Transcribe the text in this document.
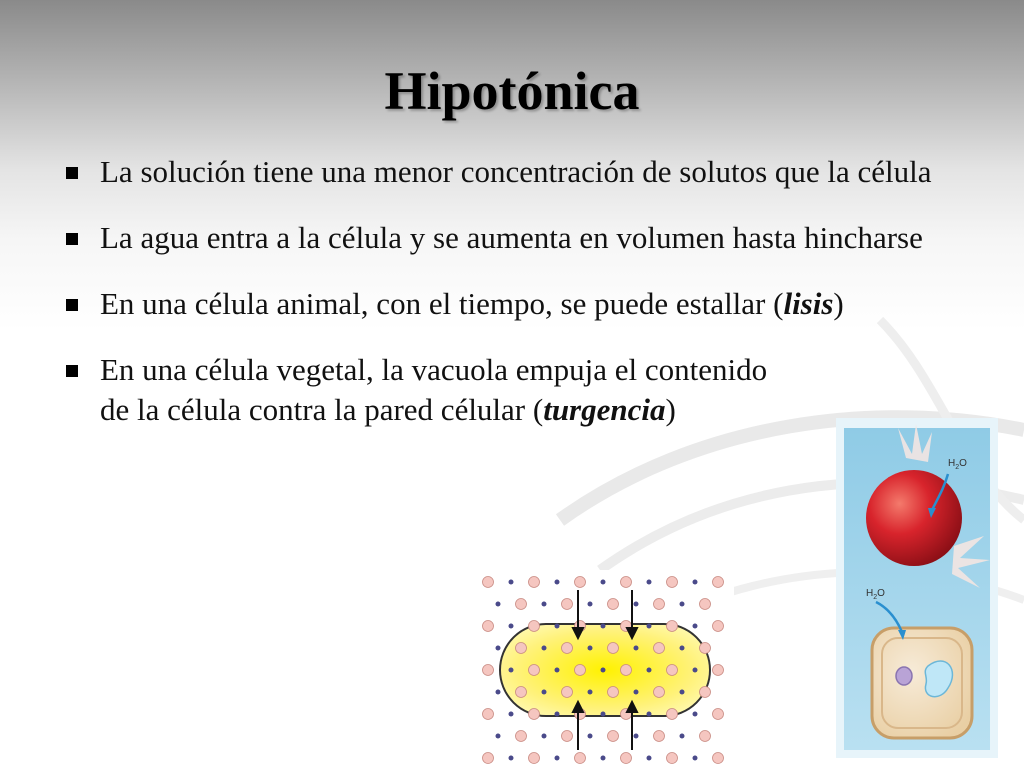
Hipotónica
La solución tiene una menor concentración de solutos que la célula
La agua entra a la célula y se aumenta en volumen hasta hincharse
En una célula animal, con el tiempo, se puede estallar (lisis)
En una célula vegetal, la vacuola empuja el contenido de la célula contra la pared célular (turgencia)
$H_2O$
$H_2O$
